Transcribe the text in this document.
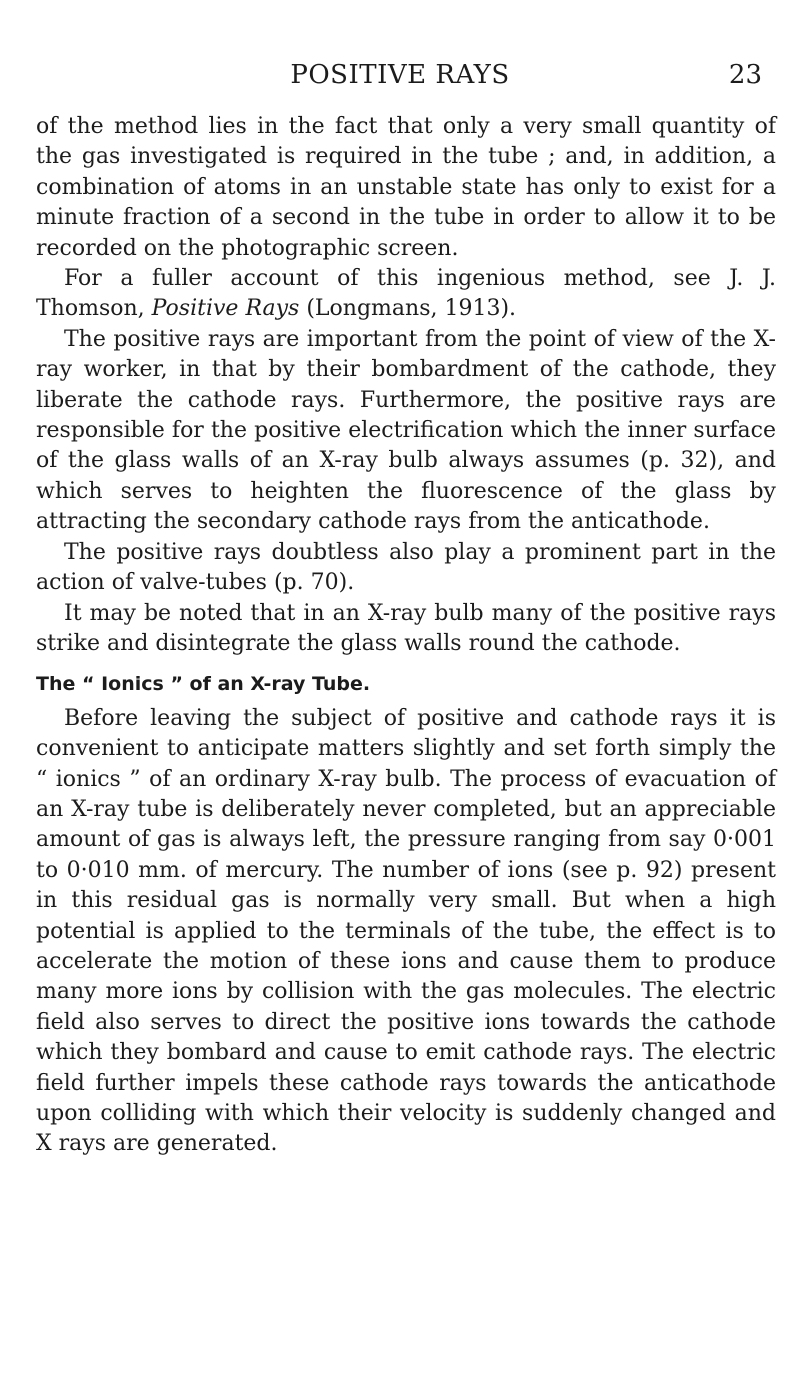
POSITIVE RAYS	23

of the method lies in the fact that only a very small quantity of the gas investigated is required in the tube ; and, in addition, a combination of atoms in an unstable state has only to exist for a minute fraction of a second in the tube in order to allow it to be recorded on the photographic screen.

For a fuller account of this ingenious method, see J. J. Thomson, Positive Rays (Longmans, 1913).

The positive rays are important from the point of view of the X-ray worker, in that by their bombardment of the cathode, they liberate the cathode rays. Furthermore, the positive rays are responsible for the positive electrification which the inner surface of the glass walls of an X-ray bulb always assumes (p. 32), and which serves to heighten the fluorescence of the glass by attracting the secondary cathode rays from the anticathode.

The positive rays doubtless also play a prominent part in the action of valve-tubes (p. 70).

It may be noted that in an X-ray bulb many of the positive rays strike and disintegrate the glass walls round the cathode.

The “ Ionics ” of an X-ray Tube.

Before leaving the subject of positive and cathode rays it is convenient to anticipate matters slightly and set forth simply the “ ionics ” of an ordinary X-ray bulb. The process of evacuation of an X-ray tube is deliberately never completed, but an appreciable amount of gas is always left, the pressure ranging from say 0·001 to 0·010 mm. of mercury. The number of ions (see p. 92) present in this residual gas is normally very small. But when a high potential is applied to the terminals of the tube, the effect is to accelerate the motion of these ions and cause them to produce many more ions by collision with the gas molecules. The electric field also serves to direct the positive ions towards the cathode which they bombard and cause to emit cathode rays. The electric field further impels these cathode rays towards the anticathode upon colliding with which their velocity is suddenly changed and X rays are generated.
